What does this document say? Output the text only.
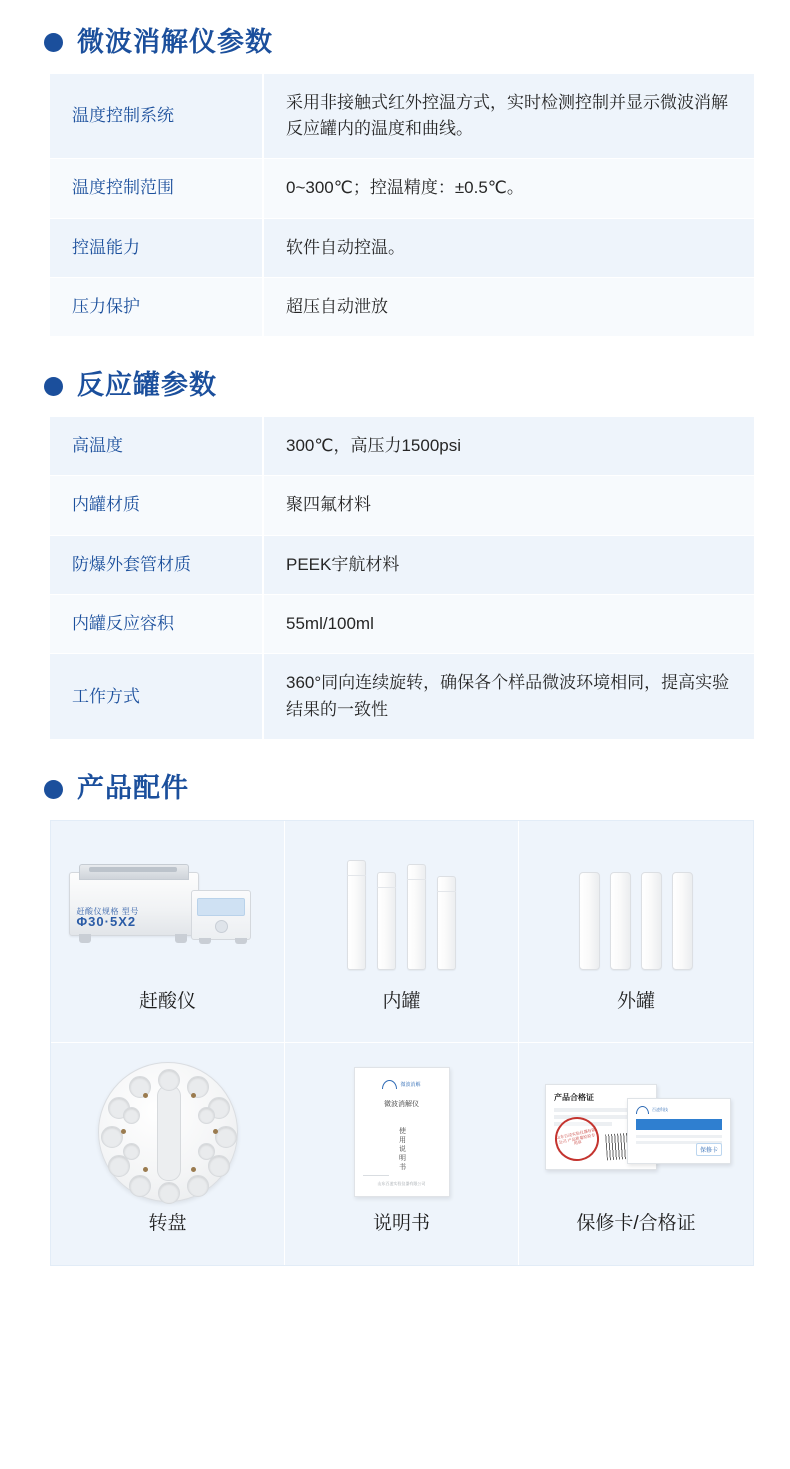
微波消解仪参数
温度控制系统	采用非接触式红外控温方式，实时检测控制并显示微波消解反应罐内的温度和曲线。
温度控制范围	0~300℃；控温精度：±0.5℃。
控温能力	软件自动控温。
压力保护	超压自动泄放
反应罐参数
高温度	300℃，高压力1500psi
内罐材质	聚四氟材料
防爆外套管材质	PEEK宇航材料
内罐反应容积	55ml/100ml
工作方式	360°同向连续旋转，确保各个样品微波环境相同，提高实验结果的一致性
产品配件
赶酸仪规格 型号
Φ30·5X2
赶酸仪	内罐	外罐
转盘
微波消解
微波消解仪
使用说明书
山东百凌实验仪器有限公司
说明书
产品合格证
山东百凌实验仪器有限公司 产品质量检验专用章
百凌科技
保修卡
保修卡/合格证
